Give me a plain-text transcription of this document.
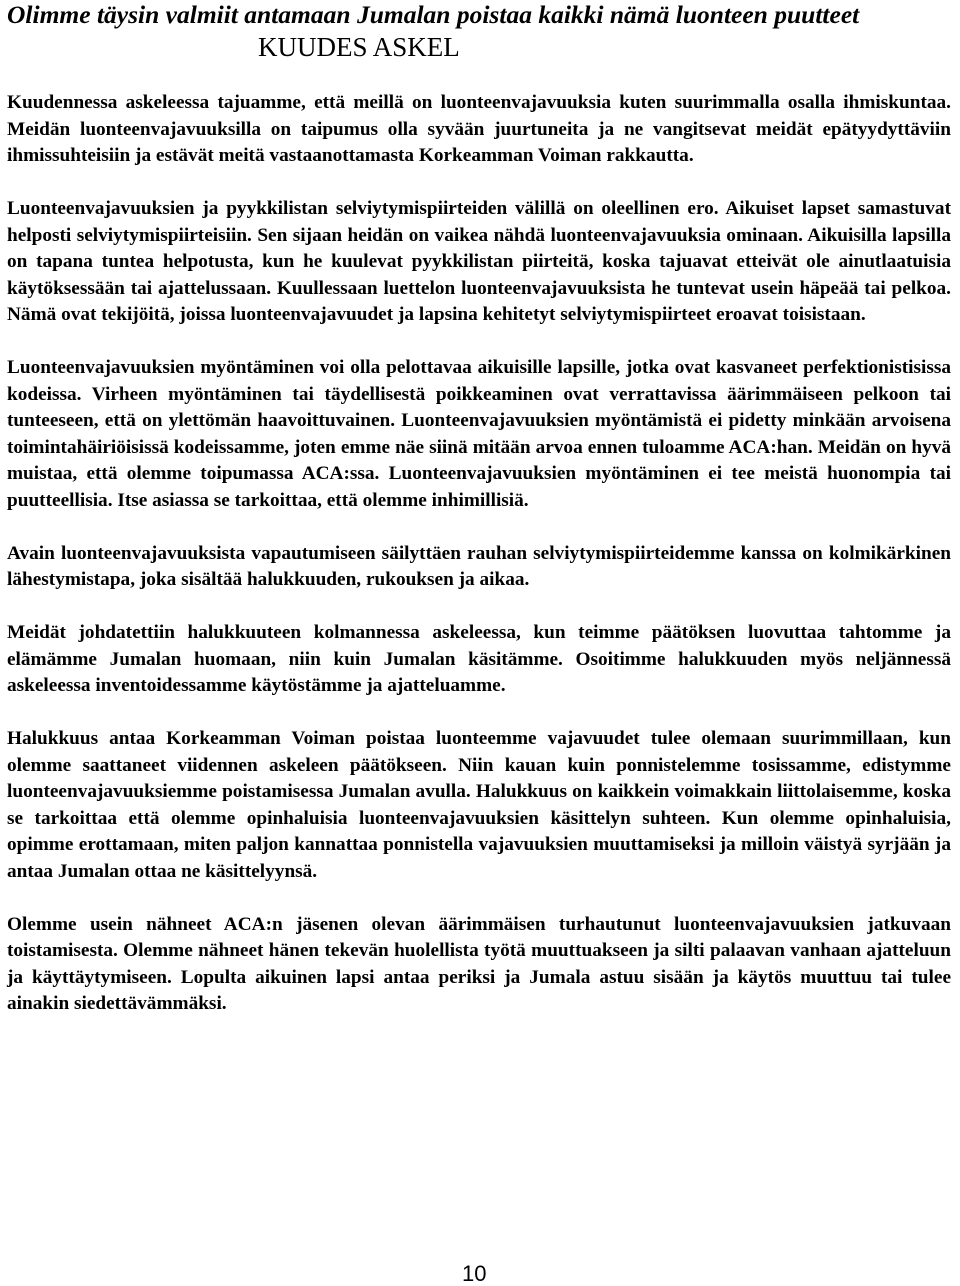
Olimme täysin valmiit antamaan Jumalan poistaa kaikki nämä luonteen puutteet
KUUDES ASKEL

Kuudennessa askeleessa tajuamme, että meillä on luonteenvajavuuksia kuten suurimmalla osalla ihmiskuntaa. Meidän luonteenvajavuuksilla on taipumus olla syvään juurtuneita ja ne vangitsevat meidät epätyydyttäviin ihmissuhteisiin ja estävät meitä vastaanottamasta Korkeamman Voiman rakkautta.

Luonteenvajavuuksien ja pyykkilistan selviytymispiirteiden välillä on oleellinen ero. Aikuiset lapset samastuvat helposti selviytymispiirteisiin. Sen sijaan heidän on vaikea nähdä luonteenvajavuuksia ominaan. Aikuisilla lapsilla on tapana tuntea helpotusta, kun he kuulevat pyykkilistan piirteitä, koska tajuavat etteivät ole ainutlaatuisia käytöksessään tai ajattelussaan. Kuullessaan luettelon luonteenvajavuuksista he tuntevat usein häpeää tai pelkoa. Nämä ovat tekijöitä, joissa luonteenvajavuudet ja lapsina kehitetyt selviytymispiirteet eroavat toisistaan.

Luonteenvajavuuksien myöntäminen voi olla pelottavaa aikuisille lapsille, jotka ovat kasvaneet perfektionistisissa kodeissa. Virheen myöntäminen tai täydellisestä poikkeaminen ovat verrattavissa äärimmäiseen pelkoon tai tunteeseen, että on ylettömän haavoittuvainen. Luonteenvajavuuksien myöntämistä ei pidetty minkään arvoisena toimintahäiriöisissä kodeissamme, joten emme näe siinä mitään arvoa ennen tuloamme ACA:han. Meidän on hyvä muistaa, että olemme toipumassa ACA:ssa. Luonteenvajavuuksien myöntäminen ei tee meistä huonompia tai puutteellisia. Itse asiassa se tarkoittaa, että olemme inhimillisiä.

Avain luonteenvajavuuksista vapautumiseen säilyttäen rauhan selviytymispiirteidemme kanssa on kolmikärkinen lähestymistapa, joka sisältää halukkuuden, rukouksen ja aikaa.

Meidät johdatettiin halukkuuteen kolmannessa askeleessa, kun teimme päätöksen luovuttaa tahtomme ja elämämme Jumalan huomaan, niin kuin Jumalan käsitämme. Osoitimme halukkuuden myös neljännessä askeleessa inventoidessamme käytöstämme ja ajatteluamme.

Halukkuus antaa Korkeamman Voiman poistaa luonteemme vajavuudet tulee olemaan suurimmillaan, kun olemme saattaneet viidennen askeleen päätökseen. Niin kauan kuin ponnistelemme tosissamme, edistymme luonteenvajavuuksiemme poistamisessa Jumalan avulla. Halukkuus on kaikkein voimakkain liittolaisemme, koska se tarkoittaa että olemme opinhaluisia luonteenvajavuuksien käsittelyn suhteen. Kun olemme opinhaluisia, opimme erottamaan, miten paljon kannattaa ponnistella vajavuuksien muuttamiseksi ja milloin väistyä syrjään ja antaa Jumalan ottaa ne käsittelyynsä.

Olemme usein nähneet ACA:n jäsenen olevan äärimmäisen turhautunut luonteenvajavuuksien jatkuvaan toistamisesta. Olemme nähneet hänen tekevän huolellista työtä muuttuakseen ja silti palaavan vanhaan ajatteluun ja käyttäytymiseen. Lopulta aikuinen lapsi antaa periksi ja Jumala astuu sisään ja käytös muuttuu tai tulee ainakin siedettävämmäksi.

10
